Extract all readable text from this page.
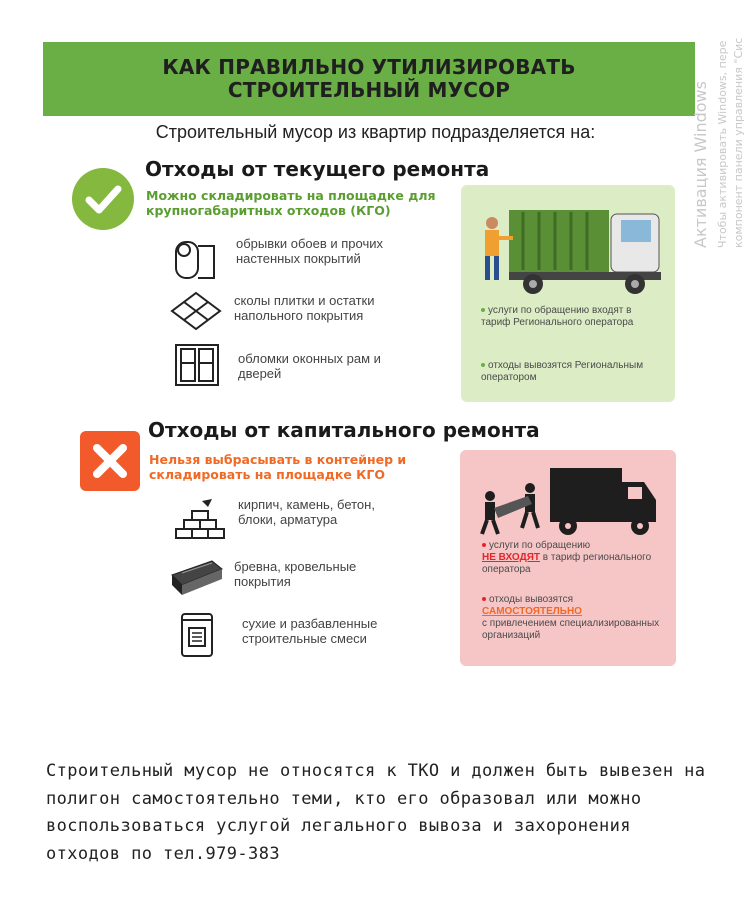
КАК ПРАВИЛЬНО УТИЛИЗИРОВАТЬ
СТРОИТЕЛЬНЫЙ МУСОР
Строительный мусор из квартир подразделяется на:
Отходы от текущего ремонта
Можно складировать на площадке для крупногабаритных отходов (КГО)
обрывки обоев и прочих настенных покрытий
сколы плитки и остатки напольного покрытия
обломки оконных рам и дверей
услуги по обращению входят в тариф Регионального оператора
отходы вывозятся Региональным оператором
Отходы от капитального ремонта
Нельзя выбрасывать в контейнер и складировать на площадке КГО
кирпич, камень, бетон, блоки, арматура
бревна, кровельные покрытия
сухие и разбавленные строительные смеси
услуги по обращению
НЕ ВХОДЯТ в тариф регионального оператора
отходы вывозятся
САМОСТОЯТЕЛЬНО
с привлечением специализированных организаций
Строительный мусор не относятся к ТКО и должен быть вывезен на полигон самостоятельно теми, кто его образовал или можно воспользоваться услугой легального вывоза и захоронения отходов по тел.979-383
Активация Windows Чтобы активировать Windows, пере компонент панели управления "Сис
